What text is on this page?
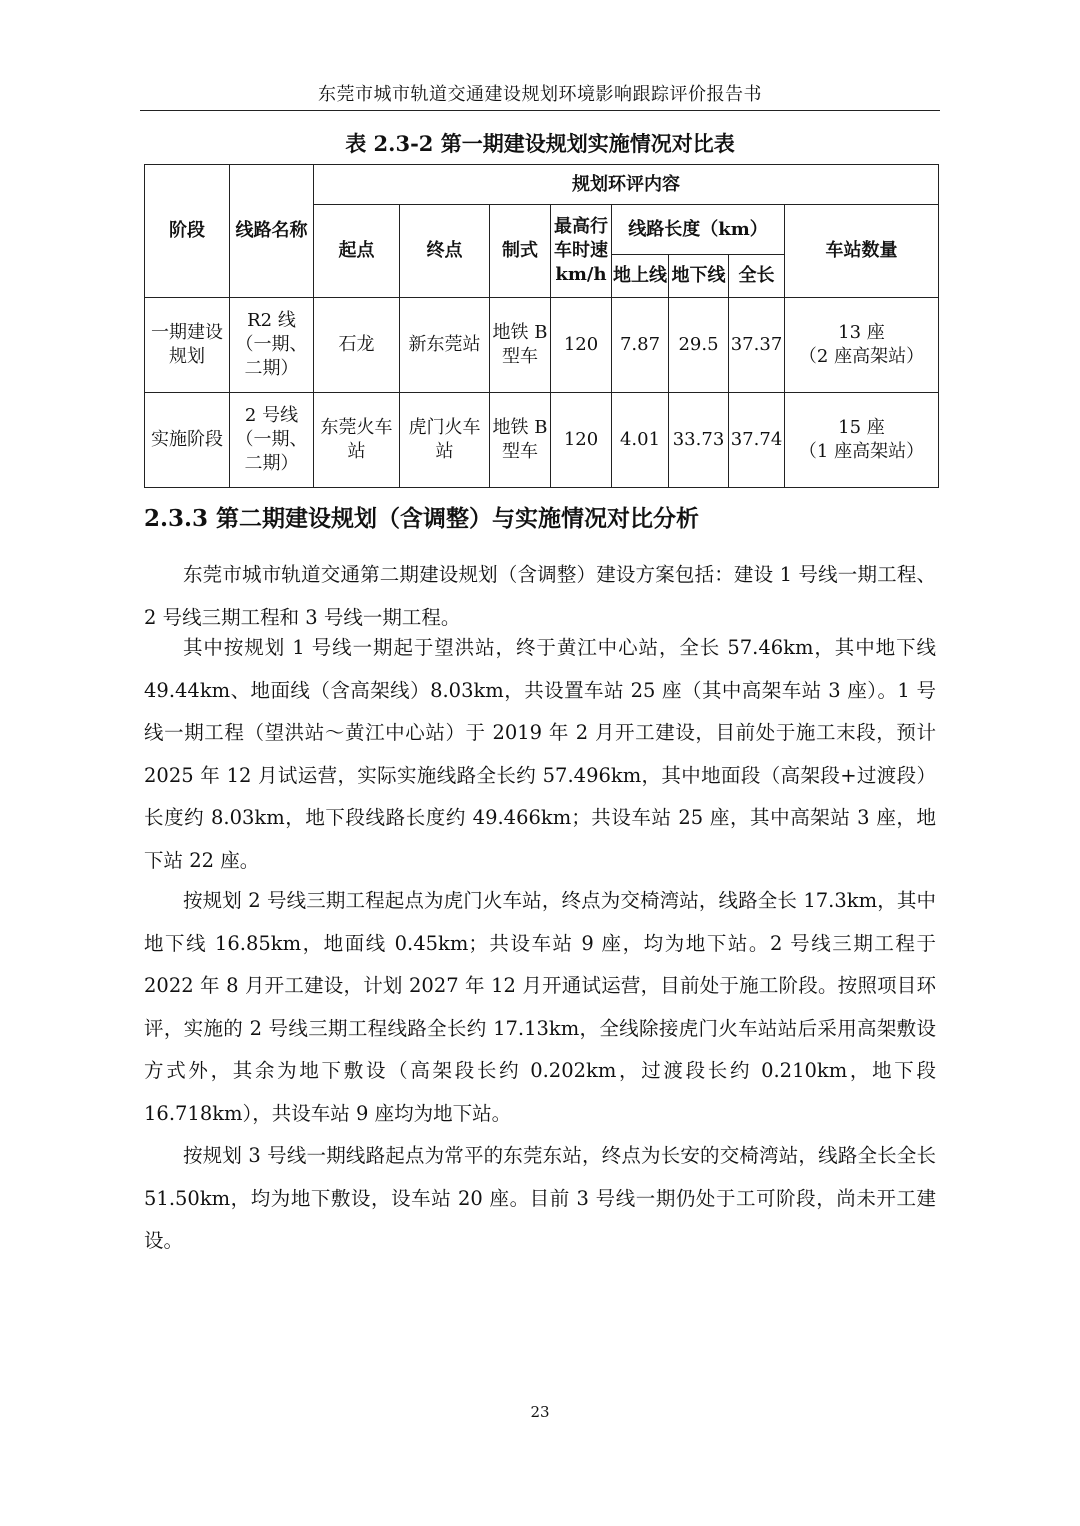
东莞市城市轨道交通建设规划环境影响跟踪评价报告书
表 2.3-2 第一期建设规划实施情况对比表
阶段	线路名称	规划环评内容							
		起点	终点	制式	最高行车时速km/h	线路长度（km）			车站数量
						地上线	地下线	全长	
一期建设规划	R2 线（一期、二期）	石龙	新东莞站	地铁 B 型车	120	7.87	29.5	37.37	13 座
（2 座高架站）

实施阶段	2 号线（一期、二期）	东莞火车站	虎门火车站	地铁 B 型车	120	4.01	33.73	37.74	15 座
（1 座高架站）
2.3.3 第二期建设规划（含调整）与实施情况对比分析

东莞市城市轨道交通第二期建设规划（含调整）建设方案包括：建设 1 号线一期工程、2 号线三期工程和 3 号线一期工程。

其中按规划 1 号线一期起于望洪站，终于黄江中心站，全长 57.46km，其中地下线 49.44km、地面线（含高架线）8.03km，共设置车站 25 座（其中高架车站 3 座）。1 号线一期工程（望洪站～黄江中心站）于 2019 年 2 月开工建设，目前处于施工末段，预计 2025 年 12 月试运营，实际实施线路全长约 57.496km，其中地面段（高架段+过渡段）长度约 8.03km，地下段线路长度约 49.466km；共设车站 25 座，其中高架站 3 座，地下站 22 座。

按规划 2 号线三期工程起点为虎门火车站，终点为交椅湾站，线路全长 17.3km，其中地下线 16.85km，地面线 0.45km；共设车站 9 座，均为地下站。2 号线三期工程于 2022 年 8 月开工建设，计划 2027 年 12 月开通试运营，目前处于施工阶段。按照项目环评，实施的 2 号线三期工程线路全长约 17.13km，全线除接虎门火车站站后采用高架敷设方式外，其余为地下敷设（高架段长约 0.202km，过渡段长约 0.210km，地下段 16.718km），共设车站 9 座均为地下站。

按规划 3 号线一期线路起点为常平的东莞东站，终点为长安的交椅湾站，线路全长全长 51.50km，均为地下敷设，设车站 20 座。目前 3 号线一期仍处于工可阶段，尚未开工建设。

23
